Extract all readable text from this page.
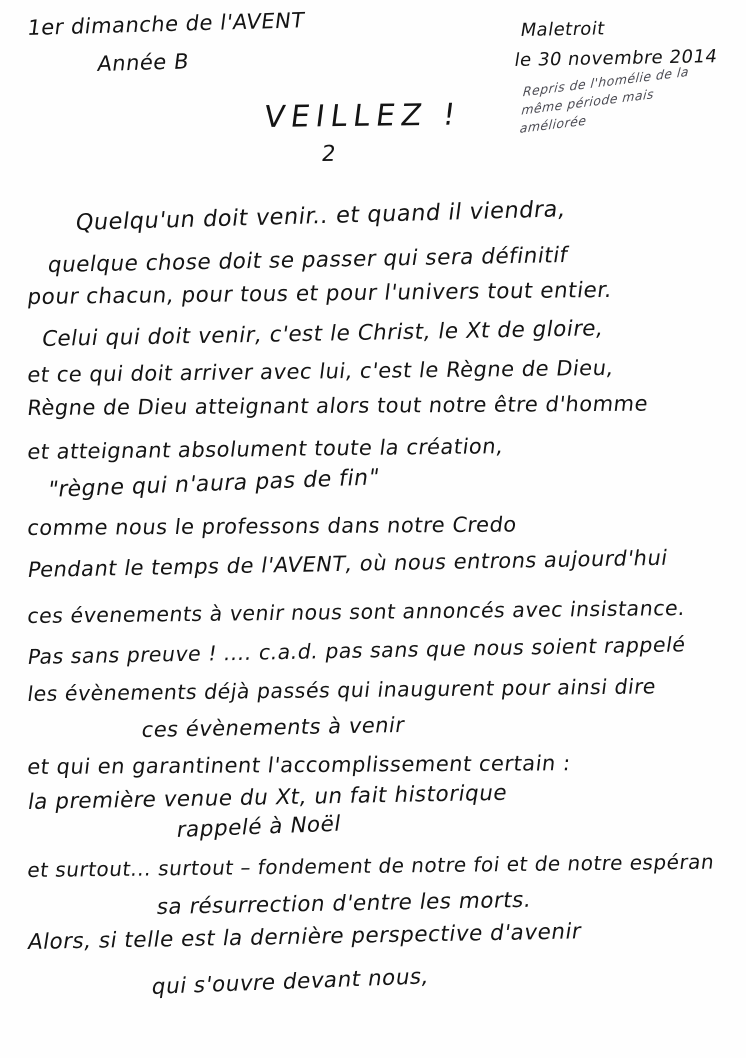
1er dimanche de l'AVENT
Année B
Maletroit
le 30 novembre 2014
Repris de l'homélie de la même période mais améliorée
VEILLEZ !
2
Quelqu'un doit venir.. et quand il viendra,
quelque chose doit se passer qui sera définitif
pour chacun, pour tous et pour l'univers tout entier.
Celui qui doit venir, c'est le Christ, le Xt de gloire,
et ce qui doit arriver avec lui, c'est le Règne de Dieu,
Règne de Dieu atteignant alors tout notre être d'homme
et atteignant absolument toute la création,
"règne qui n'aura pas de fin"
comme nous le professons dans notre Credo
Pendant le temps de l'AVENT, où nous entrons aujourd'hui
ces évenements à venir nous sont annoncés avec insistance.
Pas sans preuve ! .... c.a.d. pas sans que nous soient rappelé
les évènements déjà passés qui inaugurent pour ainsi dire
ces évènements à venir
et qui en garantinent l'accomplissement certain :
la première venue du Xt, un fait historique
rappelé à Noël
et surtout... surtout – fondement de notre foi et de notre espéran
sa résurrection d'entre les morts.
Alors, si telle est la dernière perspective d'avenir
qui s'ouvre devant nous,
